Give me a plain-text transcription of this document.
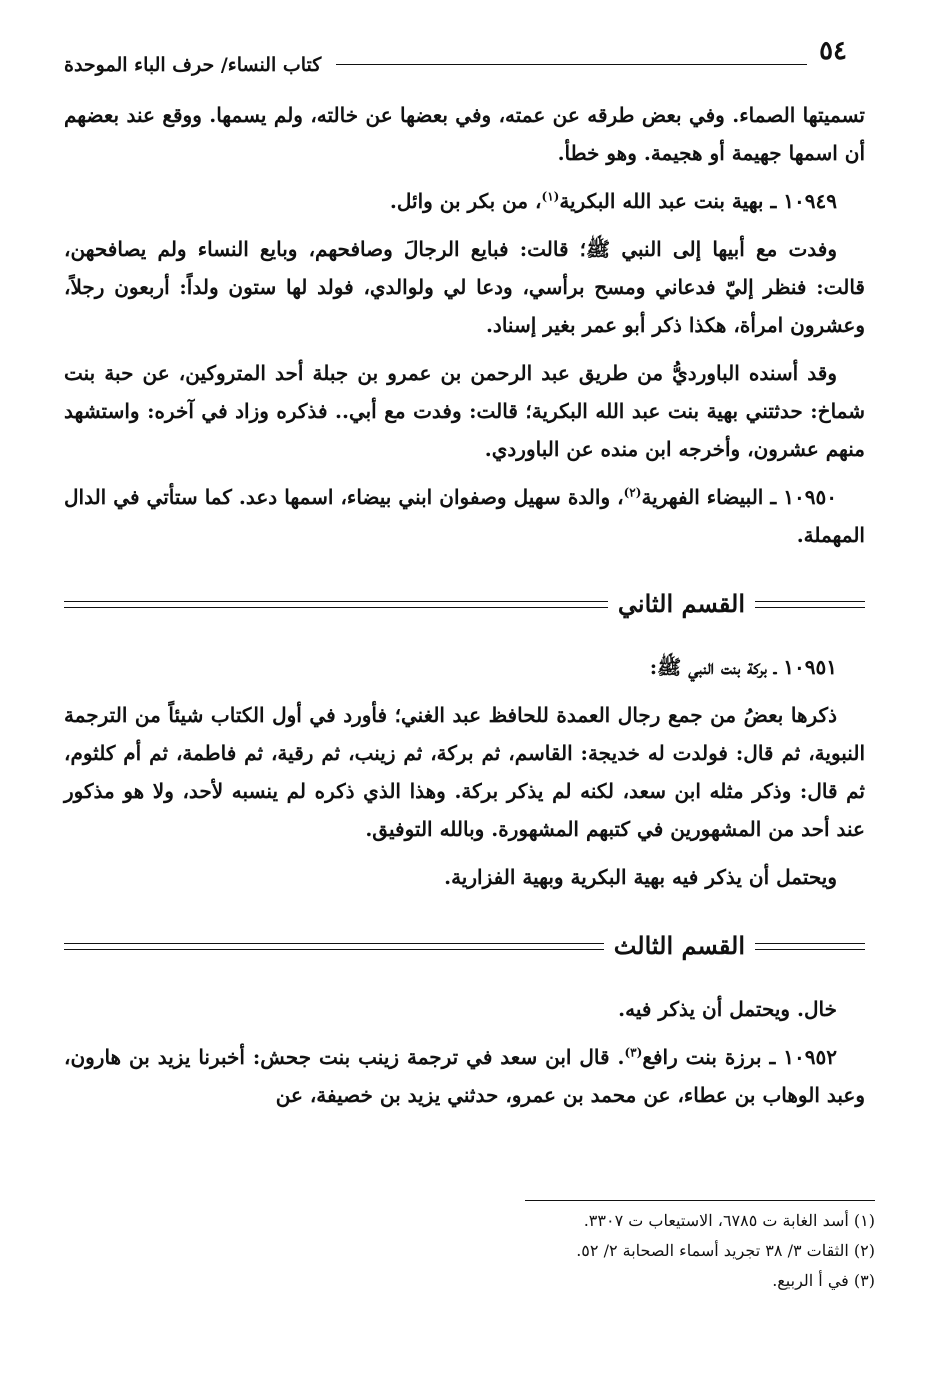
٥٤
كتاب النساء/ حرف الباء الموحدة

تسميتها الصماء. وفي بعض طرقه عن عمته، وفي بعضها عن خالته، ولم يسمها. ووقع عند بعضهم أن اسمها جهيمة أو هجيمة. وهو خطأ.

١٠٩٤٩ ـ بهية بنت عبد الله البكرية$^{(١)}$، من بكر بن وائل.

وفدت مع أبيها إلى النبي ﷺ؛ قالت: فبايع الرجالَ وصافحهم، وبايع النساء ولم يصافحهن، قالت: فنظر إليّ فدعاني ومسح برأسي، ودعا لي ولوالدي، فولد لها ستون ولداً: أربعون رجلاً، وعشرون امرأة، هكذا ذكر أبو عمر بغير إسناد.

وقد أسنده الباورديُّ من طريق عبد الرحمن بن عمرو بن جبلة أحد المتروكين، عن حبة بنت شماخ: حدثتني بهية بنت عبد الله البكرية؛ قالت: وفدت مع أبي.. فذكره وزاد في آخره: واستشهد منهم عشرون، وأخرجه ابن منده عن الباوردي.

١٠٩٥٠ ـ البيضاء الفهرية$^{(٢)}$، والدة سهيل وصفوان ابني بيضاء، اسمها دعد. كما ستأتي في الدال المهملة.

القسم الثاني

١٠٩٥١ ـ بركة بنت النبي ﷺ:

ذكرها بعضُ من جمع رجال العمدة للحافظ عبد الغني؛ فأورد في أول الكتاب شيئاً من الترجمة النبوية، ثم قال: فولدت له خديجة: القاسم، ثم بركة، ثم زينب، ثم رقية، ثم فاطمة، ثم أم كلثوم، ثم قال: وذكر مثله ابن سعد، لكنه لم يذكر بركة. وهذا الذي ذكره لم ينسبه لأحد، ولا هو مذكور عند أحد من المشهورين في كتبهم المشهورة. وبالله التوفيق.

ويحتمل أن يذكر فيه بهية البكرية وبهية الفزارية.

القسم الثالث

خال. ويحتمل أن يذكر فيه.

١٠٩٥٢ ـ برزة بنت رافع$^{(٣)}$. قال ابن سعد في ترجمة زينب بنت جحش: أخبرنا يزيد بن هارون، وعبد الوهاب بن عطاء، عن محمد بن عمرو، حدثني يزيد بن خصيفة، عن

(١) أسد الغابة ت ٦٧٨٥، الاستيعاب ت ٣٣٠٧.

(٢) الثقات ٣/ ٣٨ تجريد أسماء الصحابة ٢/ ٥٢.

(٣) في أ الربيع.
